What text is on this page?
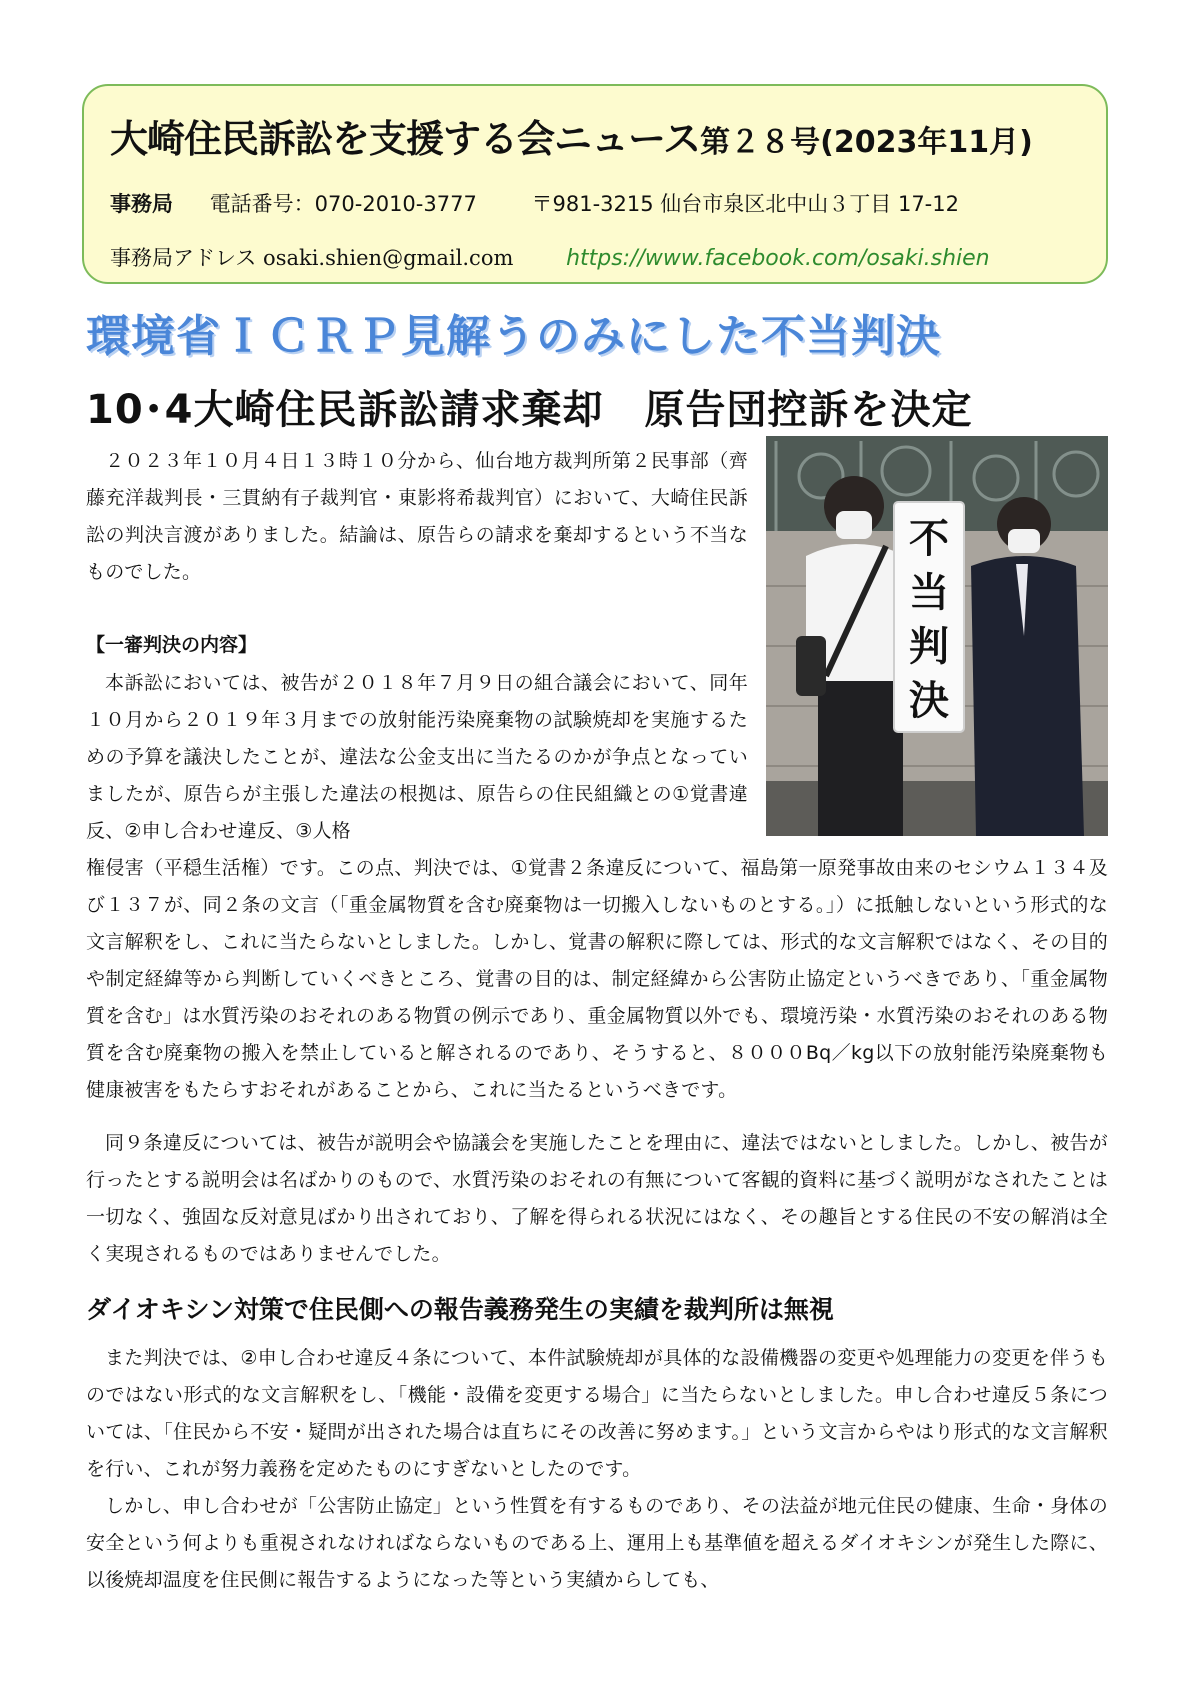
大崎住民訴訟を支援する会ニュース第２８号(2023年11月)
事務局 電話番号：070-2010-3777	〒981-3215 仙台市泉区北中山３丁目 17-12
事務局アドレス osaki.shien@gmail.com https://www.facebook.com/osaki.shien
環境省ＩＣＲＰ見解うのみにした不当判決
10･4大崎住民訴訟請求棄却　原告団控訴を決定
不
当
判
決

２０２３年１０月４日１３時１０分から、仙台地方裁判所第２民事部（齊藤充洋裁判長・三貫納有子裁判官・東影将希裁判官）において、大崎住民訴訟の判決言渡がありました。結論は、原告らの請求を棄却するという不当なものでした。

【一審判決の内容】

本訴訟においては、被告が２０１８年７月９日の組合議会において、同年１０月から２０１９年３月までの放射能汚染廃棄物の試験焼却を実施するための予算を議決したことが、違法な公金支出に当たるのかが争点となっていましたが、原告らが主張した違法の根拠は、原告らの住民組織との①覚書違反、②申し合わせ違反、③人格

権侵害（平穏生活権）です。この点、判決では、①覚書２条違反について、福島第一原発事故由来のセシウム１３４及び１３７が、同２条の文言（「重金属物質を含む廃棄物は一切搬入しないものとする。」）に抵触しないという形式的な文言解釈をし、これに当たらないとしました。しかし、覚書の解釈に際しては、形式的な文言解釈ではなく、その目的や制定経緯等から判断していくべきところ、覚書の目的は、制定経緯から公害防止協定というべきであり、「重金属物質を含む」は水質汚染のおそれのある物質の例示であり、重金属物質以外でも、環境汚染・水質汚染のおそれのある物質を含む廃棄物の搬入を禁止していると解されるのであり、そうすると、８０００Bq／kg以下の放射能汚染廃棄物も健康被害をもたらすおそれがあることから、これに当たるというべきです。

同９条違反については、被告が説明会や協議会を実施したことを理由に、違法ではないとしました。しかし、被告が行ったとする説明会は名ばかりのもので、水質汚染のおそれの有無について客観的資料に基づく説明がなされたことは一切なく、強固な反対意見ばかり出されており、了解を得られる状況にはなく、その趣旨とする住民の不安の解消は全く実現されるものではありませんでした。

ダイオキシン対策で住民側への報告義務発生の実績を裁判所は無視

また判決では、②申し合わせ違反４条について、本件試験焼却が具体的な設備機器の変更や処理能力の変更を伴うものではない形式的な文言解釈をし、「機能・設備を変更する場合」に当たらないとしました。申し合わせ違反５条については、「住民から不安・疑問が出された場合は直ちにその改善に努めます。」という文言からやはり形式的な文言解釈を行い、これが努力義務を定めたものにすぎないとしたのです。

しかし、申し合わせが「公害防止協定」という性質を有するものであり、その法益が地元住民の健康、生命・身体の安全という何よりも重視されなければならないものである上、運用上も基準値を超えるダイオキシンが発生した際に、以後焼却温度を住民側に報告するようになった等という実績からしても、
